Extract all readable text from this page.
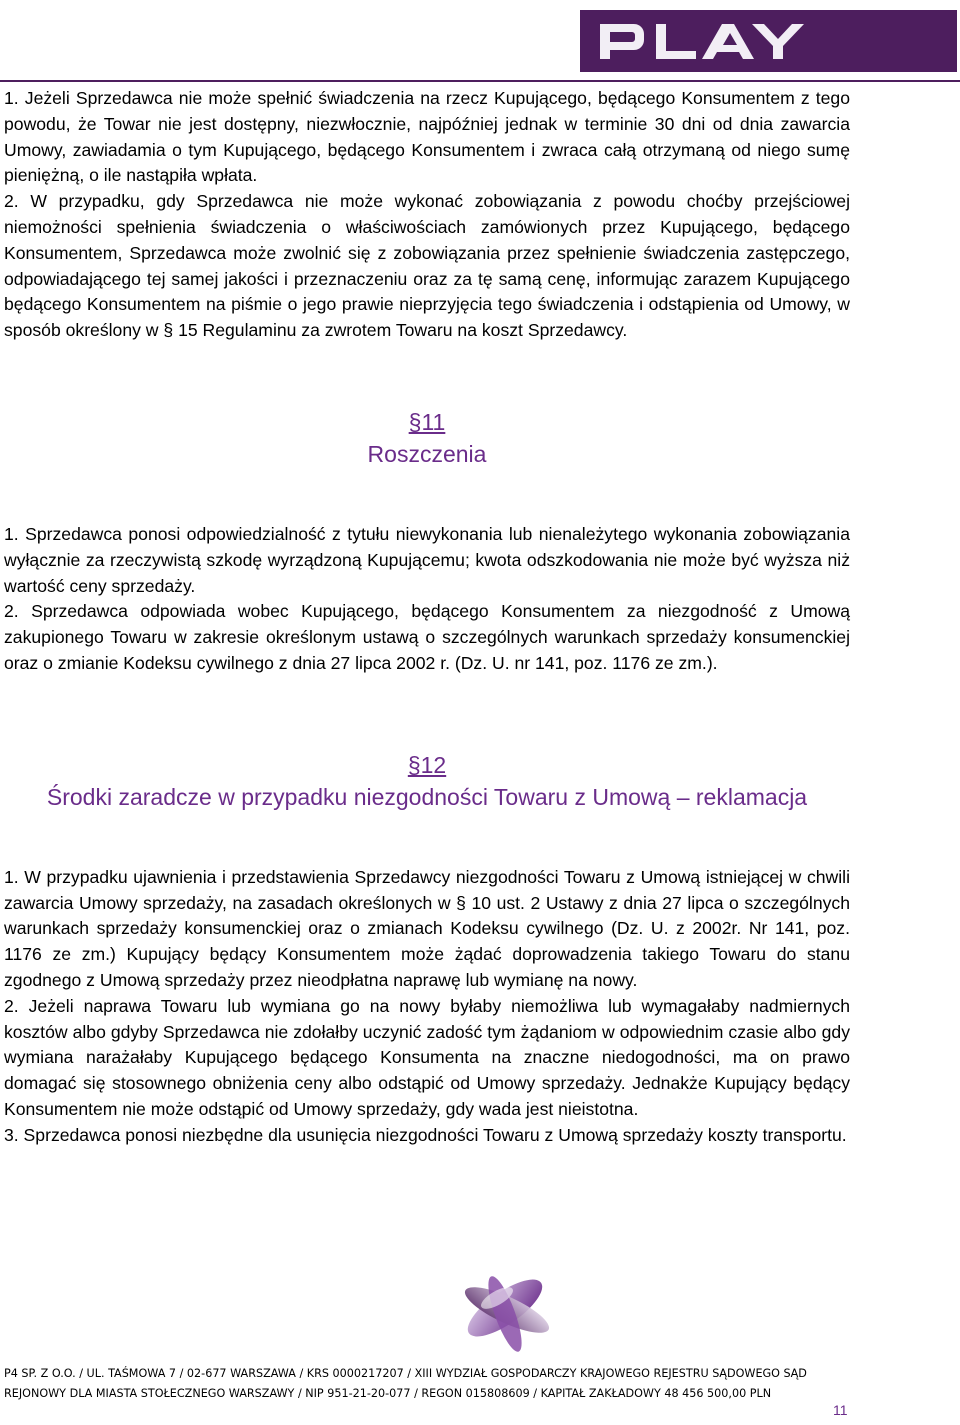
1. Jeżeli Sprzedawca nie może spełnić świadczenia na rzecz Kupującego, będącego Konsumentem z tego powodu, że Towar nie jest dostępny, niezwłocznie, najpóźniej jednak w terminie 30 dni od dnia zawarcia Umowy, zawiadamia o tym Kupującego, będącego Konsumentem i zwraca całą otrzymaną od niego sumę pieniężną, o ile nastąpiła wpłata.

2. W przypadku, gdy Sprzedawca nie może wykonać zobowiązania z powodu choćby przejściowej niemożności spełnienia świadczenia o właściwościach zamówionych przez Kupującego, będącego Konsumentem, Sprzedawca może zwolnić się z zobowiązania przez spełnienie świadczenia zastępczego, odpowiadającego tej samej jakości i przeznaczeniu oraz za tę samą cenę, informując zarazem Kupującego będącego Konsumentem na piśmie o jego prawie nieprzyjęcia tego świadczenia i odstąpienia od Umowy, w sposób określony w § 15 Regulaminu za zwrotem Towaru na koszt Sprzedawcy.

§11

Roszczenia

1. Sprzedawca ponosi odpowiedzialność z tytułu niewykonania lub nienależytego wykonania zobowiązania wyłącznie za rzeczywistą szkodę wyrządzoną Kupującemu; kwota odszkodowania nie może być wyższa niż wartość ceny sprzedaży.

2. Sprzedawca odpowiada wobec Kupującego, będącego Konsumentem za niezgodność z Umową zakupionego Towaru w zakresie określonym ustawą o szczególnych warunkach sprzedaży konsumenckiej oraz o zmianie Kodeksu cywilnego z dnia 27 lipca 2002 r. (Dz. U. nr 141, poz. 1176 ze zm.).

§12

Środki zaradcze w przypadku niezgodności Towaru z Umową – reklamacja

1. W przypadku ujawnienia i przedstawienia Sprzedawcy niezgodności Towaru z Umową istniejącej w chwili zawarcia Umowy sprzedaży, na zasadach określonych w § 10 ust. 2 Ustawy z dnia 27 lipca o szczególnych warunkach sprzedaży konsumenckiej oraz o zmianach Kodeksu cywilnego (Dz. U. z 2002r. Nr 141, poz. 1176 ze zm.) Kupujący będący Konsumentem może żądać doprowadzenia takiego Towaru do stanu zgodnego z Umową sprzedaży przez nieodpłatna naprawę lub wymianę na nowy.

2. Jeżeli naprawa Towaru lub wymiana go na nowy byłaby niemożliwa lub wymagałaby nadmiernych kosztów albo gdyby Sprzedawca nie zdołałby uczynić zadość tym żądaniom w odpowiednim czasie albo gdy wymiana narażałaby Kupującego będącego Konsumenta na znaczne niedogodności, ma on prawo domagać się stosownego obniżenia ceny albo odstąpić od Umowy sprzedaży. Jednakże Kupujący będący Konsumentem nie może odstąpić od Umowy sprzedaży, gdy wada jest nieistotna.

3. Sprzedawca ponosi niezbędne dla usunięcia niezgodności Towaru z Umową sprzedaży koszty transportu.

P4 SP. Z O.O. / UL. TAŚMOWA 7 / 02-677 WARSZAWA / KRS 0000217207 / XIII WYDZIAŁ GOSPODARCZY KRAJOWEGO REJESTRU SĄDOWEGO SĄD
REJONOWY DLA MIASTA STOŁECZNEGO WARSZAWY / NIP 951-21-20-077 / REGON 015808609 / KAPITAŁ ZAKŁADOWY 48 456 500,00 PLN
11
